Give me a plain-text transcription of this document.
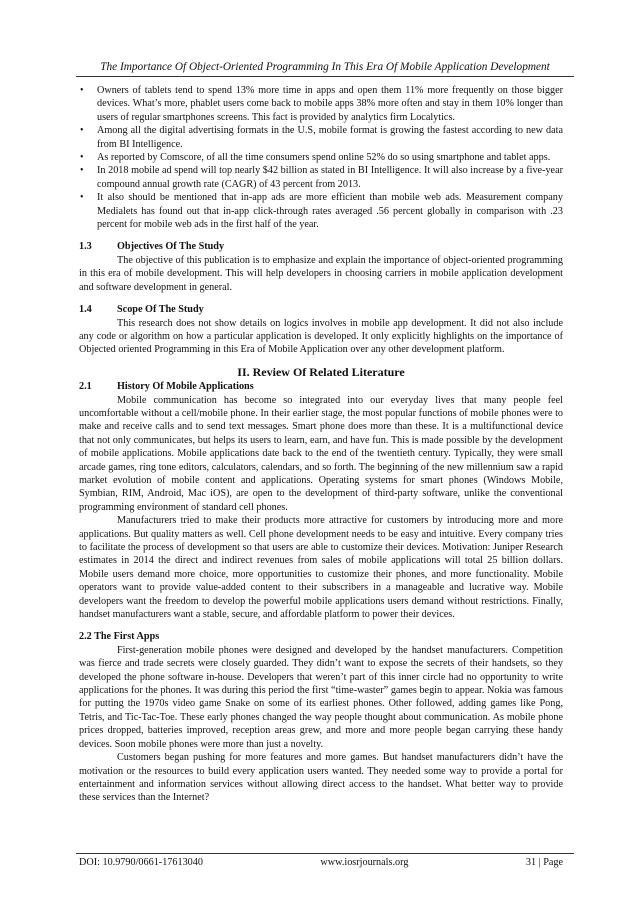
The Importance Of Object-Oriented Programming In This Era Of Mobile Application Development
• Owners of tablets tend to spend 13% more time in apps and open them 11% more frequently on those bigger devices. What’s more, phablet users come back to mobile apps 38% more often and stay in them 10% longer than users of regular smartphones screens. This fact is provided by analytics firm Localytics.
• Among all the digital advertising formats in the U.S, mobile format is growing the fastest according to new data from BI Intelligence.
• As reported by Comscore, of all the time consumers spend online 52% do so using smartphone and tablet apps.
• In 2018 mobile ad spend will top nearly $42 billion as stated in BI Intelligence. It will also increase by a five-year compound annual growth rate (CAGR) of 43 percent from 2013.
• It also should be mentioned that in-app ads are more efficient than mobile web ads. Measurement company Medialets has found out that in-app click-through rates averaged .56 percent globally in comparison with .23 percent for mobile web ads in the first half of the year.
1.3	Objectives Of The Study

The objective of this publication is to emphasize and explain the importance of object-oriented programming in this era of mobile development. This will help developers in choosing carriers in mobile application development and software development in general.

1.4	Scope Of The Study

This research does not show details on logics involves in mobile app development. It did not also include any code or algorithm on how a particular application is developed. It only explicitly highlights on the importance of Objected oriented Programming in this Era of Mobile Application over any other development platform.

II. Review Of Related Literature
2.1	History Of Mobile Applications

Mobile communication has become so integrated into our everyday lives that many people feel uncomfortable without a cell/mobile phone. In their earlier stage, the most popular functions of mobile phones were to make and receive calls and to send text messages. Smart phone does more than these. It is a multifunctional device that not only communicates, but helps its users to learn, earn, and have fun. This is made possible by the development of mobile applications. Mobile applications date back to the end of the twentieth century. Typically, they were small arcade games, ring tone editors, calculators, calendars, and so forth. The beginning of the new millennium saw a rapid market evolution of mobile content and applications. Operating systems for smart phones (Windows Mobile, Symbian, RIM, Android, Mac iOS), are open to the development of third-party software, unlike the conventional programming environment of standard cell phones.

Manufacturers tried to make their products more attractive for customers by introducing more and more applications. But quality matters as well. Cell phone development needs to be easy and intuitive. Every company tries to facilitate the process of development so that users are able to customize their devices. Motivation: Juniper Research estimates in 2014 the direct and indirect revenues from sales of mobile applications will total 25 billion dollars. Mobile users demand more choice, more opportunities to customize their phones, and more functionality. Mobile operators want to provide value-added content to their subscribers in a manageable and lucrative way. Mobile developers want the freedom to develop the powerful mobile applications users demand without restrictions. Finally, handset manufacturers want a stable, secure, and affordable platform to power their devices.

2.2 The First Apps

First-generation mobile phones were designed and developed by the handset manufacturers. Competition was fierce and trade secrets were closely guarded. They didn’t want to expose the secrets of their handsets, so they developed the phone software in-house. Developers that weren’t part of this inner circle had no opportunity to write applications for the phones. It was during this period the first “time-waster” games begin to appear. Nokia was famous for putting the 1970s video game Snake on some of its earliest phones. Other followed, adding games like Pong, Tetris, and Tic-Tac-Toe. These early phones changed the way people thought about communication. As mobile phone prices dropped, batteries improved, reception areas grew, and more and more people began carrying these handy devices. Soon mobile phones were more than just a novelty.

Customers began pushing for more features and more games. But handset manufacturers didn’t have the motivation or the resources to build every application users wanted. They needed some way to provide a portal for entertainment and information services without allowing direct access to the handset. What better way to provide these services than the Internet?

DOI: 10.9790/0661-17613040	www.iosrjournals.org	31 | Page
